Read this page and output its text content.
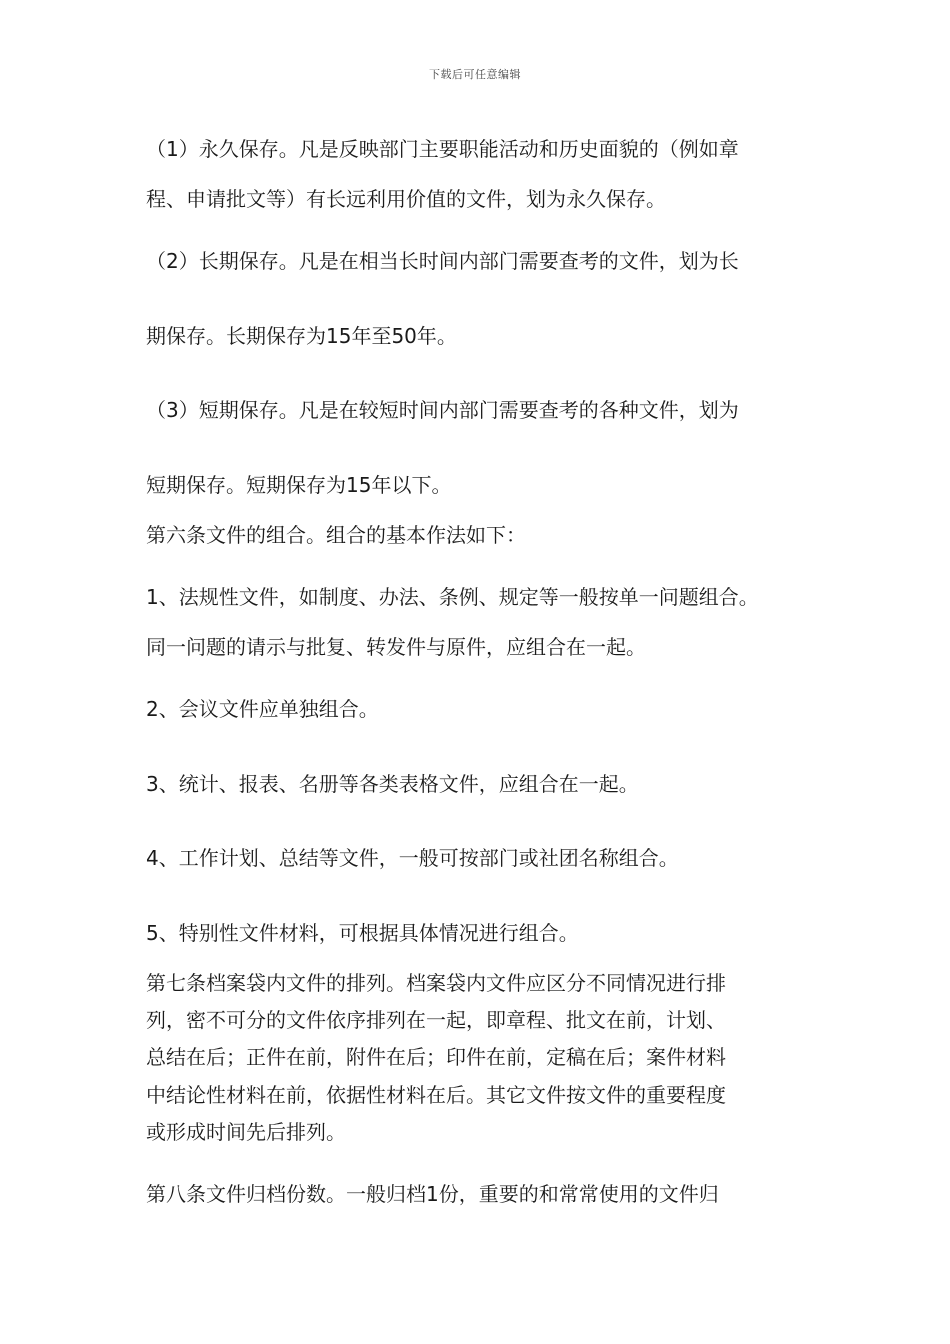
下载后可任意编辑
（1）永久保存。凡是反映部门主要职能活动和历史面貌的（例如章
程、申请批文等）有长远利用价值的文件，划为永久保存。
（2）长期保存。凡是在相当长时间内部门需要查考的文件，划为长
期保存。长期保存为15年至50年。
（3）短期保存。凡是在较短时间内部门需要查考的各种文件，划为
短期保存。短期保存为15年以下。
第六条文件的组合。组合的基本作法如下：
1、法规性文件，如制度、办法、条例、规定等一般按单一问题组合。
同一问题的请示与批复、转发件与原件，应组合在一起。
2、会议文件应单独组合。
3、统计、报表、名册等各类表格文件，应组合在一起。
4、工作计划、总结等文件，一般可按部门或社团名称组合。
5、特别性文件材料，可根据具体情况进行组合。
第七条档案袋内文件的排列。档案袋内文件应区分不同情况进行排
列，密不可分的文件依序排列在一起，即章程、批文在前，计划、
总结在后；正件在前，附件在后；印件在前，定稿在后；案件材料
中结论性材料在前，依据性材料在后。其它文件按文件的重要程度
或形成时间先后排列。
第八条文件归档份数。一般归档1份，重要的和常常使用的文件归
